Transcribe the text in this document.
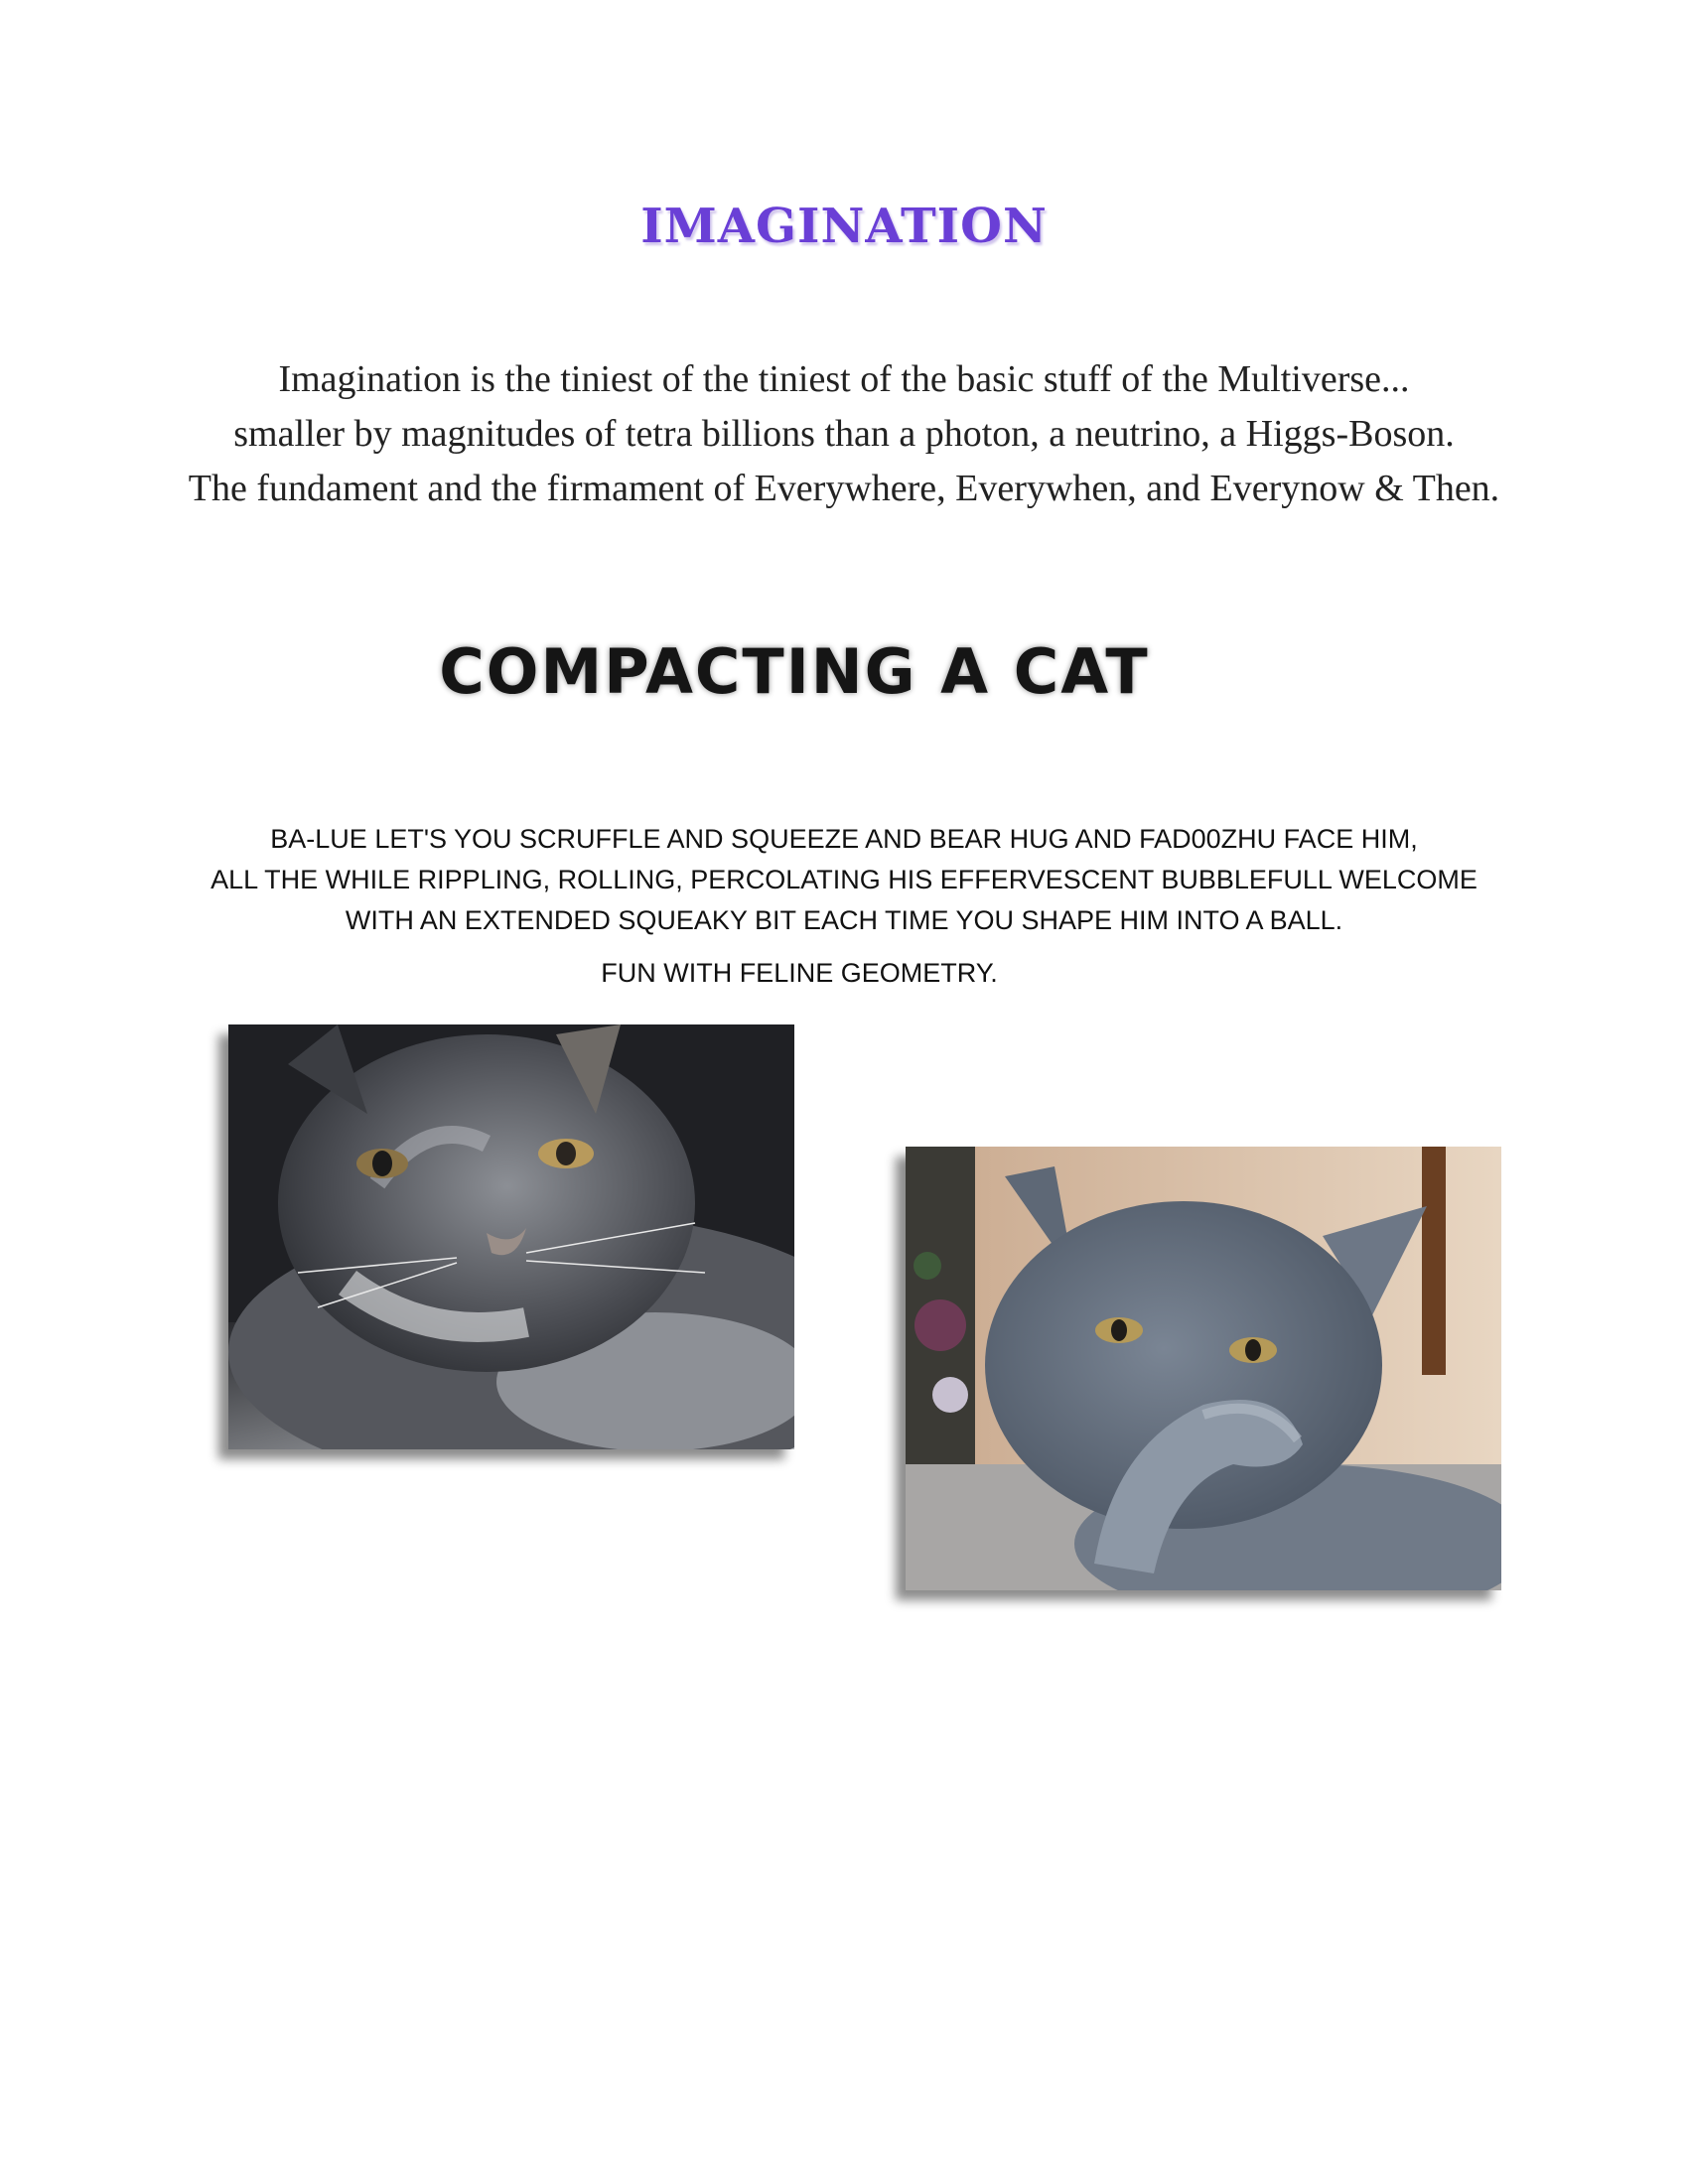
IMAGINATION
Imagination is the tiniest of the tiniest of the basic stuff of the Multiverse...
smaller by magnitudes of tetra billions than a photon, a neutrino, a Higgs-Boson.
The fundament and the firmament of Everywhere, Everywhen, and Everynow & Then.
COMPACTING A CAT
BA-LUE LET'S YOU SCRUFFLE AND SQUEEZE AND BEAR HUG AND FAD00ZHU FACE HIM,
ALL THE WHILE RIPPLING, ROLLING, PERCOLATING HIS EFFERVESCENT BUBBLEFULL WELCOME
WITH AN EXTENDED SQUEAKY BIT EACH TIME YOU SHAPE HIM INTO A BALL.
FUN WITH FELINE GEOMETRY.
